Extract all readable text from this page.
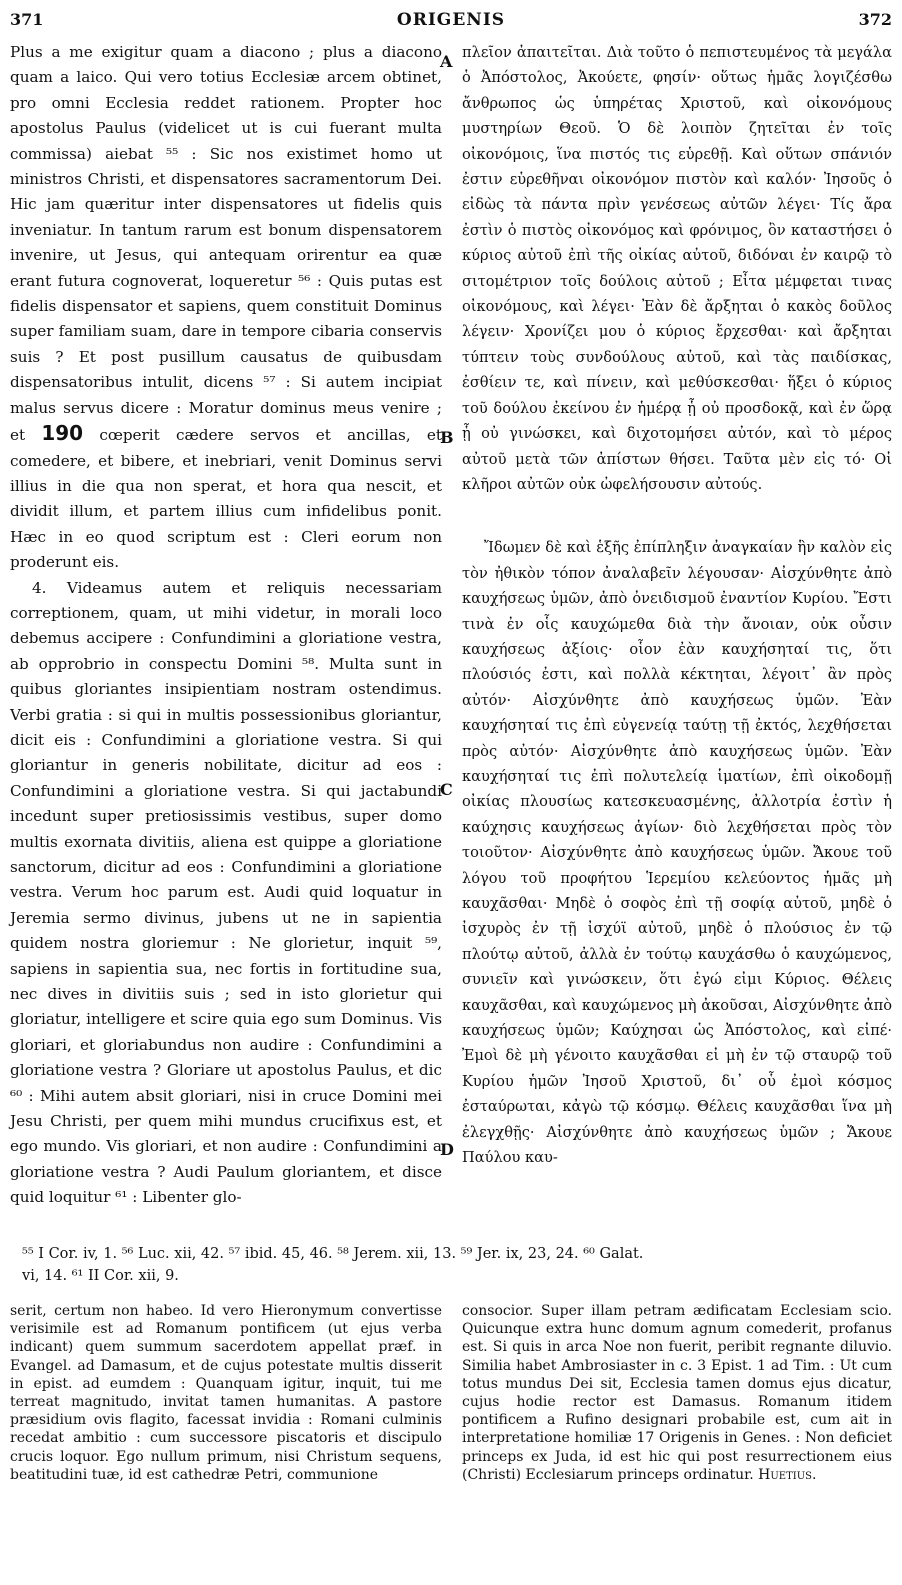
371	ORIGENIS	372

Plus a me exigitur quam a diacono ; plus a diacono quam a laico. Qui vero totius Ecclesiæ arcem obtinet, pro omni Ecclesia reddet rationem. Propter hoc apostolus Paulus (videlicet ut is cui fuerant multa commissa) aiebat ⁵⁵ : Sic nos existimet homo ut ministros Christi, et dispensatores sacramentorum Dei. Hic jam quæritur inter dispensatores ut fidelis quis inveniatur. In tantum rarum est bonum dispensatorem invenire, ut Jesus, qui antequam orirentur ea quæ erant futura cognoverat, loqueretur ⁵⁶ : Quis putas est fidelis dispensator et sapiens, quem constituit Dominus super familiam suam, dare in tempore cibaria conservis suis ? Et post pusillum causatus de quibusdam dispensatoribus intulit, dicens ⁵⁷ : Si autem incipiat malus servus dicere : Moratur dominus meus venire ; et 190 cœperit cædere servos et ancillas, et comedere, et bibere, et inebriari, venit Dominus servi illius in die qua non sperat, et hora qua nescit, et dividit illum, et partem illius cum infidelibus ponit. Hæc in eo quod scriptum est : Cleri eorum non proderunt eis.

4. Videamus autem et reliquis necessariam correptionem, quam, ut mihi videtur, in morali loco debemus accipere : Confundimini a gloriatione vestra, ab opprobrio in conspectu Domini ⁵⁸. Multa sunt in quibus gloriantes insipientiam nostram ostendimus. Verbi gratia : si qui in multis possessionibus gloriantur, dicit eis : Confundimini a gloriatione vestra. Si qui gloriantur in generis nobilitate, dicitur ad eos : Confundimini a gloriatione vestra. Si qui jactabundi incedunt super pretiosissimis vestibus, super domo multis exornata divitiis, aliena est quippe a gloriatione sanctorum, dicitur ad eos : Confundimini a gloriatione vestra. Verum hoc parum est. Audi quid loquatur in Jeremia sermo divinus, jubens ut ne in sapientia quidem nostra gloriemur : Ne glorietur, inquit ⁵⁹, sapiens in sapientia sua, nec fortis in fortitudine sua, nec dives in divitiis suis ; sed in isto glorietur qui gloriatur, intelligere et scire quia ego sum Dominus. Vis gloriari, et gloriabundus non audire : Confundimini a gloriatione vestra ? Gloriare ut apostolus Paulus, et dic ⁶⁰ : Mihi autem absit gloriari, nisi in cruce Domini mei Jesu Christi, per quem mihi mundus crucifixus est, et ego mundo. Vis gloriari, et non audire : Confundimini a gloriatione vestra ? Audi Paulum gloriantem, et disce quid loquitur ⁶¹ : Libenter glo-

πλεῖον ἀπαιτεῖται. Διὰ τοῦτο ὁ πεπιστευμένος τὰ μεγάλα ὁ Ἀπόστολος, Ἀκούετε, φησίν· οὕτως ἡμᾶς λογιζέσθω ἄνθρωπος ὡς ὑπηρέτας Χριστοῦ, καὶ οἰκονόμους μυστηρίων Θεοῦ. Ὁ δὲ λοιπὸν ζητεῖται ἐν τοῖς οἰκονόμοις, ἵνα πιστός τις εὑρεθῇ. Καὶ οὕτων σπάνιόν ἐστιν εὑρεθῆναι οἰκονόμον πιστὸν καὶ καλόν· Ἰησοῦς ὁ εἰδὼς τὰ πάντα πρὶν γενέσεως αὐτῶν λέγει· Τίς ἄρα ἐστὶν ὁ πιστὸς οἰκονόμος καὶ φρόνιμος, ὃν καταστήσει ὁ κύριος αὐτοῦ ἐπὶ τῆς οἰκίας αὐτοῦ, διδόναι ἐν καιρῷ τὸ σιτομέτριον τοῖς δούλοις αὐτοῦ ; Εἶτα μέμφεται τινας οἰκονόμους, καὶ λέγει· Ἐὰν δὲ ἄρξηται ὁ κακὸς δοῦλος λέγειν· Χρονίζει μου ὁ κύριος ἔρχεσθαι· καὶ ἄρξηται τύπτειν τοὺς συνδούλους αὐτοῦ, καὶ τὰς παιδίσκας, ἐσθίειν τε, καὶ πίνειν, καὶ μεθύσκεσθαι· ἥξει ὁ κύριος τοῦ δούλου ἐκείνου ἐν ἡμέρᾳ ᾗ οὐ προσδοκᾷ, καὶ ἐν ὥρᾳ ᾗ οὐ γινώσκει, καὶ διχοτομήσει αὐτόν, καὶ τὸ μέρος αὐτοῦ μετὰ τῶν ἀπίστων θήσει. Ταῦτα μὲν εἰς τό· Οἱ κλῆροι αὐτῶν οὐκ ὠφελήσουσιν αὐτούς.

Ἴδωμεν δὲ καὶ ἑξῆς ἐπίπληξιν ἀναγκαίαν ἣν καλὸν εἰς τὸν ἠθικὸν τόπον ἀναλαβεῖν λέγουσαν· Αἰσχύνθητε ἀπὸ καυχήσεως ὑμῶν, ἀπὸ ὀνειδισμοῦ ἐναντίον Κυρίου. Ἔστι τινὰ ἐν οἷς καυχώμεθα διὰ τὴν ἄνοιαν, οὐκ οὖσιν καυχήσεως ἀξίοις· οἷον ἐὰν καυχήσηταί τις, ὅτι πλούσιός ἐστι, καὶ πολλὰ κέκτηται, λέγοιτ᾽ ἂν πρὸς αὐτόν· Αἰσχύνθητε ἀπὸ καυχήσεως ὑμῶν. Ἐὰν καυχήσηταί τις ἐπὶ εὐγενείᾳ ταύτῃ τῇ ἐκτός, λεχθήσεται πρὸς αὐτόν· Αἰσχύνθητε ἀπὸ καυχήσεως ὑμῶν. Ἐὰν καυχήσηταί τις ἐπὶ πολυτελείᾳ ἱματίων, ἐπὶ οἰκοδομῇ οἰκίας πλουσίως κατεσκευασμένης, ἀλλοτρία ἐστὶν ἡ καύχησις καυχήσεως ἁγίων· διὸ λεχθήσεται πρὸς τὸν τοιοῦτον· Αἰσχύνθητε ἀπὸ καυχήσεως ὑμῶν. Ἄκουε τοῦ λόγου τοῦ προφήτου Ἱερεμίου κελεύοντος ἡμᾶς μὴ καυχᾶσθαι· Μηδὲ ὁ σοφὸς ἐπὶ τῇ σοφίᾳ αὐτοῦ, μηδὲ ὁ ἰσχυρὸς ἐν τῇ ἰσχύϊ αὐτοῦ, μηδὲ ὁ πλούσιος ἐν τῷ πλούτῳ αὐτοῦ, ἀλλὰ ἐν τούτῳ καυχάσθω ὁ καυχώμενος, συνιεῖν καὶ γινώσκειν, ὅτι ἐγώ εἰμι Κύριος. Θέλεις καυχᾶσθαι, καὶ καυχώμενος μὴ ἀκοῦσαι, Αἰσχύνθητε ἀπὸ καυχήσεως ὑμῶν; Καύχησαι ὡς Ἀπόστολος, καὶ εἰπέ· Ἐμοὶ δὲ μὴ γένοιτο καυχᾶσθαι εἰ μὴ ἐν τῷ σταυρῷ τοῦ Κυρίου ἡμῶν Ἰησοῦ Χριστοῦ, δι᾽ οὗ ἐμοὶ κόσμος ἐσταύρωται, κἀγὼ τῷ κόσμῳ. Θέλεις καυχᾶσθαι ἵνα μὴ ἐλεγχθῇς· Αἰσχύνθητε ἀπὸ καυχήσεως ὑμῶν ; Ἄκουε Παύλου καυ-

A
B
C
D
⁵⁵ I Cor. iv, 1. ⁵⁶ Luc. xii, 42. ⁵⁷ ibid. 45, 46. ⁵⁸ Jerem. xii, 13. ⁵⁹ Jer. ix, 23, 24. ⁶⁰ Galat.
vi, 14. ⁶¹ II Cor. xii, 9.
serit, certum non habeo. Id vero Hieronymum convertisse verisimile est ad Romanum pontificem (ut ejus verba indicant) quem summum sacerdotem appellat præf. in Evangel. ad Damasum, et de cujus potestate multis disserit in epist. ad eumdem : Quanquam igitur, inquit, tui me terreat magnitudo, invitat tamen humanitas. A pastore præsidium ovis flagito, facessat invidia : Romani culminis recedat ambitio : cum successore piscatoris et discipulo crucis loquor. Ego nullum primum, nisi Christum sequens, beatitudini tuæ, id est cathedræ Petri, communione
consocior. Super illam petram ædificatam Ecclesiam scio. Quicunque extra hunc domum agnum comederit, profanus est. Si quis in arca Noe non fuerit, peribit regnante diluvio. Similia habet Ambrosiaster in c. 3 Epist. 1 ad Tim. : Ut cum totus mundus Dei sit, Ecclesia tamen domus ejus dicatur, cujus hodie rector est Damasus. Romanum itidem pontificem a Rufino designari probabile est, cum ait in interpretatione homiliæ 17 Origenis in Genes. : Non deficiet princeps ex Juda, id est hic qui post resurrectionem eius (Christi) Ecclesiarum princeps ordinatur. Huetius.
